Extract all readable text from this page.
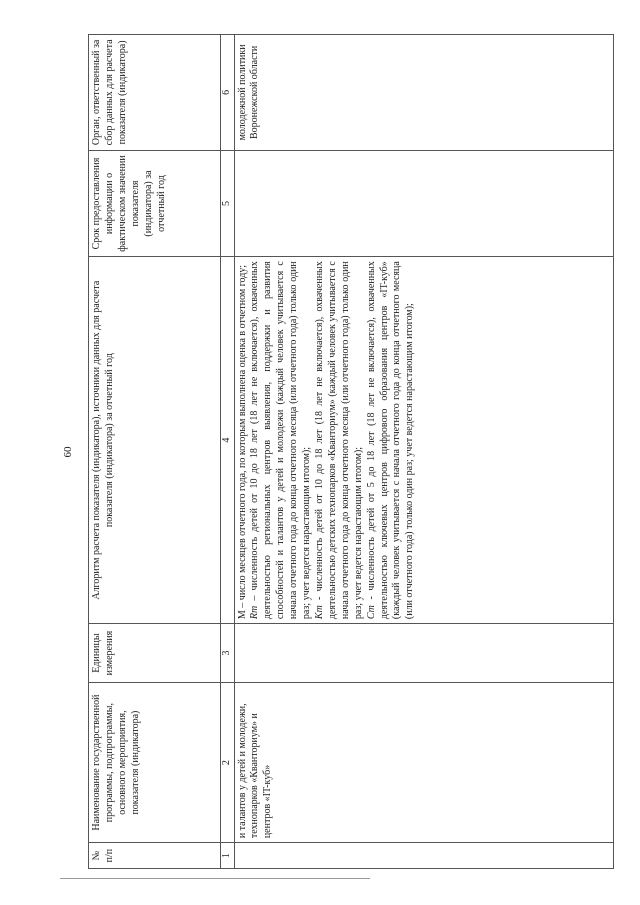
60
№ п/п	Наименование государственной программы, подпрограммы, основного мероприятия, показателя (индикатора)	Единицы измерения	Алгоритм расчета показателя (индикатора), источники данных для расчета показателя (индикатора) за отчетный год	Срок предоставления информации о фактическом значении показателя (индикатора) за отчетный год	Орган, ответственный за сбор данных для расчета показателя (индикатора)
1	2	3	4	5	6
	и талантов у детей и молодежи, технопарков «Кванториум» и центров «IT-куб»		M – число месяцев отчетного года, по которым выполнена оценка в отчетном году; Rm – численность детей от 10 до 18 лет (18 лет не включается), охваченных деятельностью региональных центров выявления, поддержки и развития способностей и талантов у детей и молодежи (каждый человек учитывается с начала отчетного года до конца отчетного месяца (или отчетного года) только один раз; учет ведется нарастающим итогом); Km - численность детей от 10 до 18 лет (18 лет не включается), охваченных деятельностью детских технопарков «Кванториум» (каждый человек учитывается с начала отчетного года до конца отчетного месяца (или отчетного года) только один раз; учет ведется нарастающим итогом); Cm - численность детей от 5 до 18 лет (18 лет не включается), охваченных деятельностью ключевых центров цифрового образования центров «IT-куб» (каждый человек учитывается с начала отчетного года до конца отчетного месяца (или отчетного года) только один раз; учет ведется нарастающим итогом);		молодежной политики Воронежской области
